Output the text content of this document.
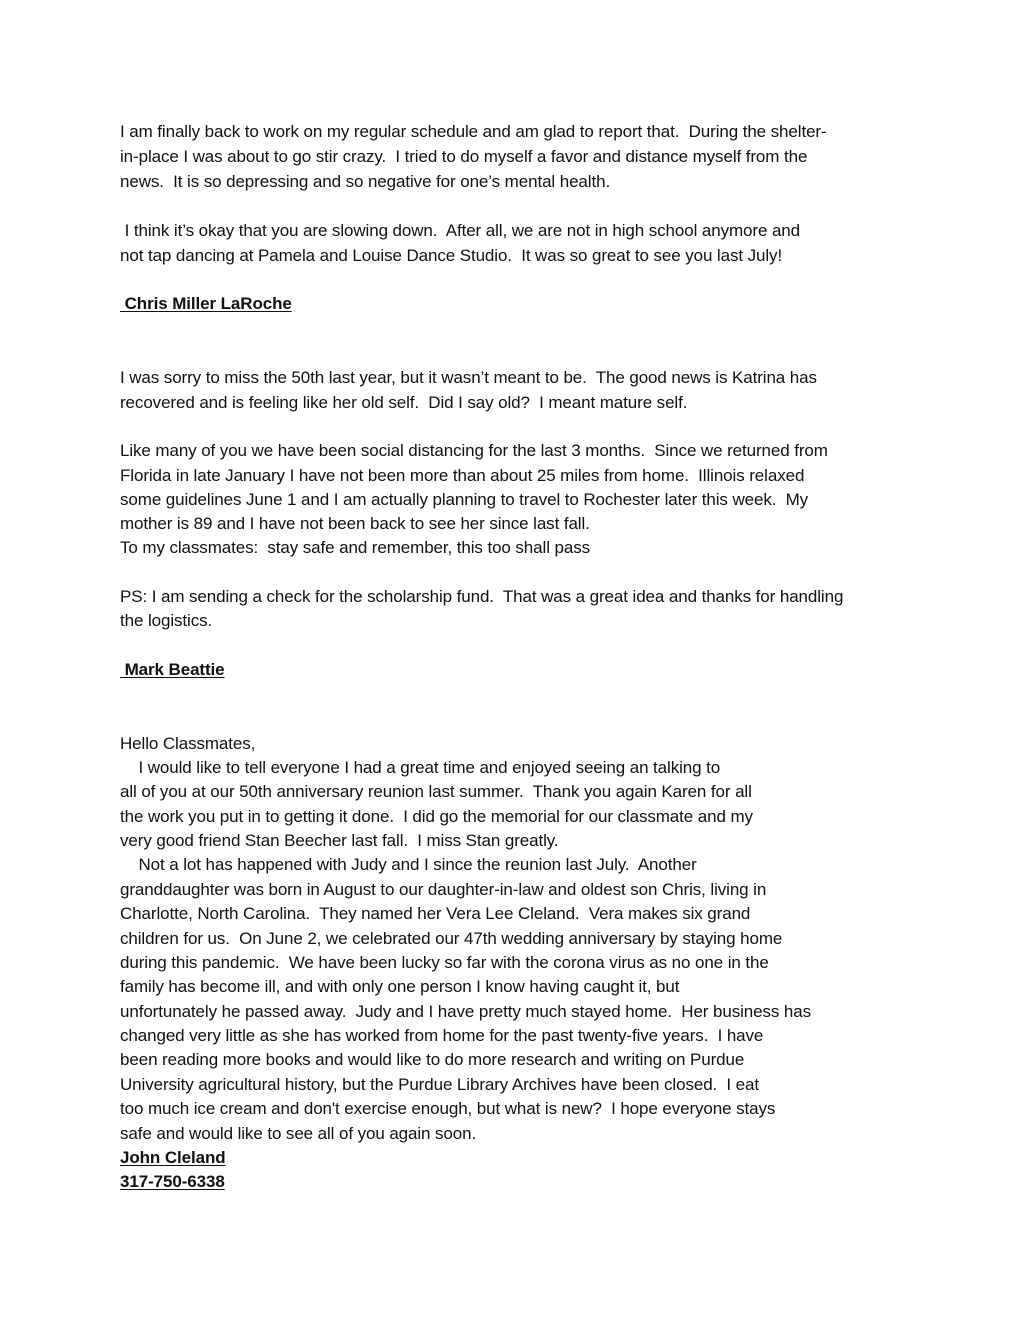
I am finally back to work on my regular schedule and am glad to report that.  During the shelter-
in-place I was about to go stir crazy.  I tried to do myself a favor and distance myself from the
news.  It is so depressing and so negative for one’s mental health.
I think it’s okay that you are slowing down.  After all, we are not in high school anymore and
not tap dancing at Pamela and Louise Dance Studio.  It was so great to see you last July!
Chris Miller LaRoche
I was sorry to miss the 50th last year, but it wasn’t meant to be.  The good news is Katrina has
recovered and is feeling like her old self.  Did I say old?  I meant mature self.
Like many of you we have been social distancing for the last 3 months.  Since we returned from
Florida in late January I have not been more than about 25 miles from home.  Illinois relaxed
some guidelines June 1 and I am actually planning to travel to Rochester later this week.  My
mother is 89 and I have not been back to see her since last fall.
To my classmates:  stay safe and remember, this too shall pass
PS: I am sending a check for the scholarship fund.  That was a great idea and thanks for handling
the logistics.
Mark Beattie
Hello Classmates,
I would like to tell everyone I had a great time and enjoyed seeing an talking to
all of you at our 50th anniversary reunion last summer.  Thank you again Karen for all
the work you put in to getting it done.  I did go the memorial for our classmate and my
very good friend Stan Beecher last fall.  I miss Stan greatly.
Not a lot has happened with Judy and I since the reunion last July.  Another
granddaughter was born in August to our daughter-in-law and oldest son Chris, living in
Charlotte, North Carolina.  They named her Vera Lee Cleland.  Vera makes six grand
children for us.  On June 2, we celebrated our 47th wedding anniversary by staying home
during this pandemic.  We have been lucky so far with the corona virus as no one in the
family has become ill, and with only one person I know having caught it, but
unfortunately he passed away.  Judy and I have pretty much stayed home.  Her business has
changed very little as she has worked from home for the past twenty-five years.  I have
been reading more books and would like to do more research and writing on Purdue
University agricultural history, but the Purdue Library Archives have been closed.  I eat
too much ice cream and don't exercise enough, but what is new?  I hope everyone stays
safe and would like to see all of you again soon.
John Cleland
317-750-6338
